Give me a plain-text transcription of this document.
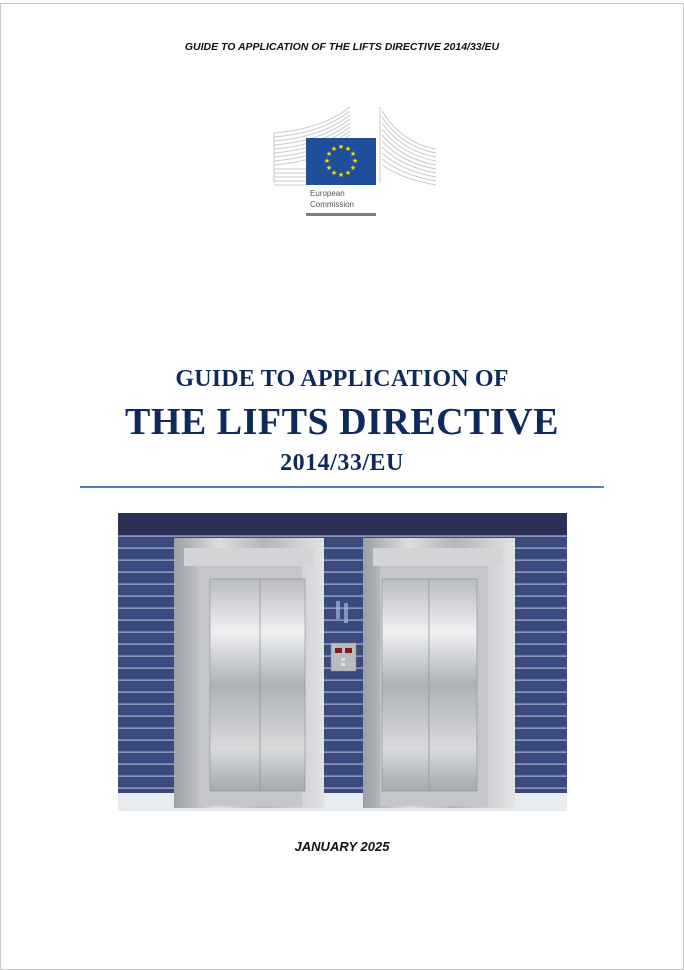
GUIDE TO APPLICATION OF THE LIFTS DIRECTIVE 2014/33/EU
★ ★
★
★
★
★
★
★
★
★
★
★
European
Commission
GUIDE TO APPLICATION OF
THE LIFTS DIRECTIVE
2014/33/EU
JANUARY 2025
